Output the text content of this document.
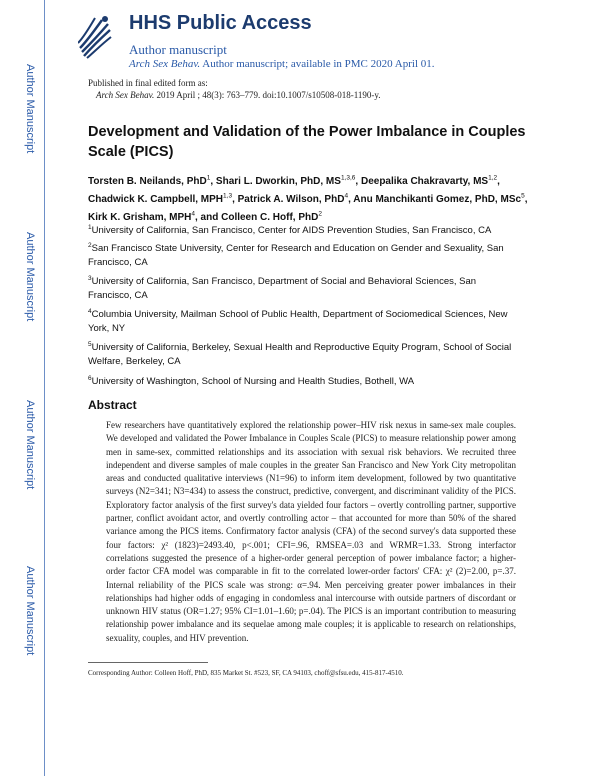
Author Manuscript
Author Manuscript
Author Manuscript
Author Manuscript
HHS Public Access
Author manuscript
Arch Sex Behav. Author manuscript; available in PMC 2020 April 01.
Published in final edited form as:
Arch Sex Behav. 2019 April ; 48(3): 763–779. doi:10.1007/s10508-018-1190-y.
Development and Validation of the Power Imbalance in Couples Scale (PICS)
Torsten B. Neilands, PhD$^1$, Shari L. Dworkin, PhD, MS$^{1,3,6}$, Deepalika Chakravarty, MS$^{1,2}$, Chadwick K. Campbell, MPH$^{1,3}$, Patrick A. Wilson, PhD$^4$, Anu Manchikanti Gomez, PhD, MSc$^5$, Kirk K. Grisham, MPH$^4$, and Colleen C. Hoff, PhD$^2$
$^1$University of California, San Francisco, Center for AIDS Prevention Studies, San Francisco, CA
$^2$San Francisco State University, Center for Research and Education on Gender and Sexuality, San Francisco, CA
$^3$University of California, San Francisco, Department of Social and Behavioral Sciences, San Francisco, CA
$^4$Columbia University, Mailman School of Public Health, Department of Sociomedical Sciences, New York, NY
$^5$University of California, Berkeley, Sexual Health and Reproductive Equity Program, School of Social Welfare, Berkeley, CA
$^6$University of Washington, School of Nursing and Health Studies, Bothell, WA
Abstract
Few researchers have quantitatively explored the relationship power–HIV risk nexus in same-sex male couples. We developed and validated the Power Imbalance in Couples Scale (PICS) to measure relationship power among men in same-sex, committed relationships and its association with sexual risk behaviors. We recruited three independent and diverse samples of male couples in the greater San Francisco and New York City metropolitan areas and conducted qualitative interviews (N1=96) to inform item development, followed by two quantitative surveys (N2=341; N3=434) to assess the construct, predictive, convergent, and discriminant validity of the PICS. Exploratory factor analysis of the first survey's data yielded four factors – overtly controlling partner, supportive partner, conflict avoidant actor, and overtly controlling actor – that accounted for more than 50% of the shared variance among the PICS items. Confirmatory factor analysis (CFA) of the second survey's data supported these four factors: χ² (1823)=2493.40, p<.001; CFI=.96, RMSEA=.03 and WRMR=1.33. Strong interfactor correlations suggested the presence of a higher-order general perception of power imbalance factor; a higher-order factor CFA model was comparable in fit to the correlated lower-order factors' CFA: χ² (2)=2.00, p=.37. Internal reliability of the PICS scale was strong: α=.94. Men perceiving greater power imbalances in their relationships had higher odds of engaging in condomless anal intercourse with outside partners of discordant or unknown HIV status (OR=1.27; 95% CI=1.01–1.60; p=.04). The PICS is an important contribution to measuring relationship power imbalance and its sequelae among male couples; it is applicable to research on relationships, sexuality, couples, and HIV prevention.
Corresponding Author: Colleen Hoff, PhD, 835 Market St. #523, SF, CA 94103, choff@sfsu.edu, 415-817-4510.
